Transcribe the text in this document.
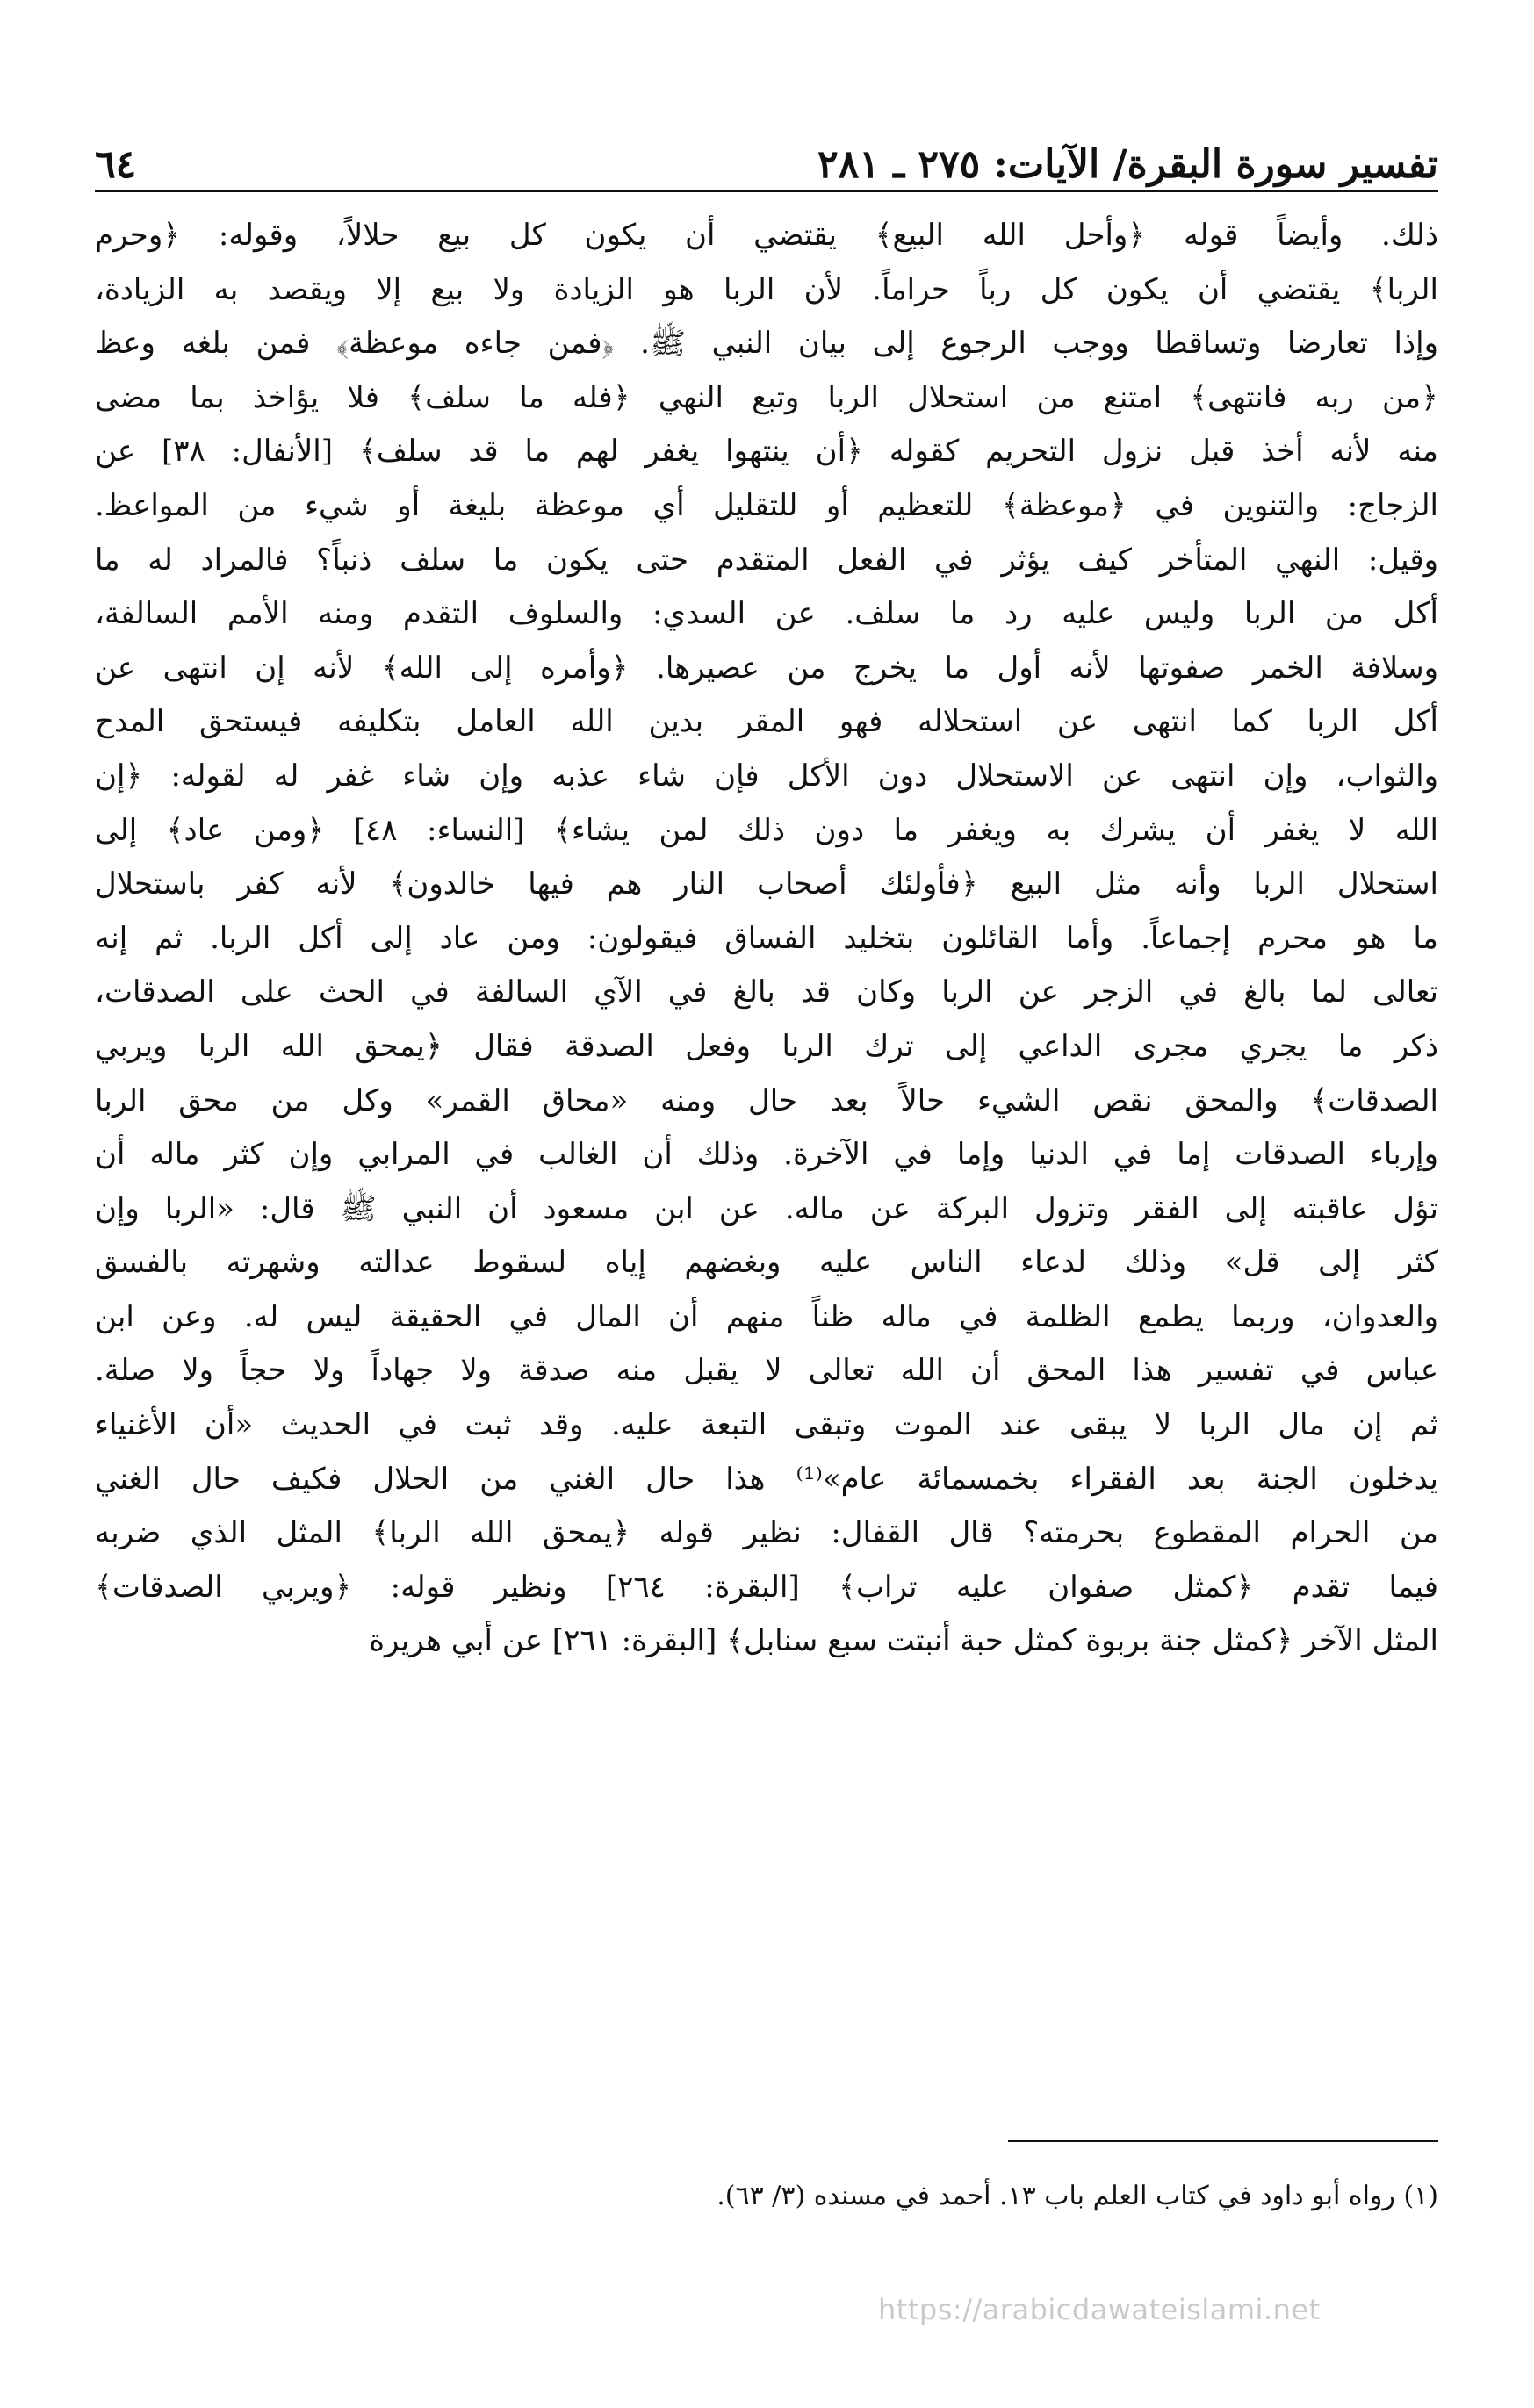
تفسير سورة البقرة/ الآيات: ٢٧٥ ـ ٢٨١
٦٤
ذلك. وأيضاً قوله ﴿وأحل الله البيع﴾ يقتضي أن يكون كل بيع حلالاً، وقوله: ﴿وحرم
الربا﴾ يقتضي أن يكون كل رباً حراماً. لأن الربا هو الزيادة ولا بيع إلا ويقصد به الزيادة،
وإذا تعارضا وتساقطا ووجب الرجوع إلى بيان النبي ﷺ. ﴿فمن جاءه موعظة﴾ فمن بلغه وعظ
﴿من ربه فانتهى﴾ امتنع من استحلال الربا وتبع النهي ﴿فله ما سلف﴾ فلا يؤاخذ بما مضى
منه لأنه أخذ قبل نزول التحريم كقوله ﴿أن ينتهوا يغفر لهم ما قد سلف﴾ [الأنفال: ٣٨] عن
الزجاج: والتنوين في ﴿موعظة﴾ للتعظيم أو للتقليل أي موعظة بليغة أو شيء من المواعظ.
وقيل: النهي المتأخر كيف يؤثر في الفعل المتقدم حتى يكون ما سلف ذنباً؟ فالمراد له ما
أكل من الربا وليس عليه رد ما سلف. عن السدي: والسلوف التقدم ومنه الأمم السالفة،
وسلافة الخمر صفوتها لأنه أول ما يخرج من عصيرها. ﴿وأمره إلى الله﴾ لأنه إن انتهى عن
أكل الربا كما انتهى عن استحلاله فهو المقر بدين الله العامل بتكليفه فيستحق المدح
والثواب، وإن انتهى عن الاستحلال دون الأكل فإن شاء عذبه وإن شاء غفر له لقوله: ﴿إن
الله لا يغفر أن يشرك به ويغفر ما دون ذلك لمن يشاء﴾ [النساء: ٤٨] ﴿ومن عاد﴾ إلى
استحلال الربا وأنه مثل البيع ﴿فأولئك أصحاب النار هم فيها خالدون﴾ لأنه كفر باستحلال
ما هو محرم إجماعاً. وأما القائلون بتخليد الفساق فيقولون: ومن عاد إلى أكل الربا. ثم إنه
تعالى لما بالغ في الزجر عن الربا وكان قد بالغ في الآي السالفة في الحث على الصدقات،
ذكر ما يجري مجرى الداعي إلى ترك الربا وفعل الصدقة فقال ﴿يمحق الله الربا ويربي
الصدقات﴾ والمحق نقص الشيء حالاً بعد حال ومنه «محاق القمر» وكل من محق الربا
وإرباء الصدقات إما في الدنيا وإما في الآخرة. وذلك أن الغالب في المرابي وإن كثر ماله أن
تؤل عاقبته إلى الفقر وتزول البركة عن ماله. عن ابن مسعود أن النبي ﷺ قال: «الربا وإن
كثر إلى قل» وذلك لدعاء الناس عليه وبغضهم إياه لسقوط عدالته وشهرته بالفسق
والعدوان، وربما يطمع الظلمة في ماله ظناً منهم أن المال في الحقيقة ليس له. وعن ابن
عباس في تفسير هذا المحق أن الله تعالى لا يقبل منه صدقة ولا جهاداً ولا حجاً ولا صلة.
ثم إن مال الربا لا يبقى عند الموت وتبقى التبعة عليه. وقد ثبت في الحديث «أن الأغنياء
يدخلون الجنة بعد الفقراء بخمسمائة عام»⁽¹⁾ هذا حال الغني من الحلال فكيف حال الغني
من الحرام المقطوع بحرمته؟ قال القفال: نظير قوله ﴿يمحق الله الربا﴾ المثل الذي ضربه
فيما تقدم ﴿كمثل صفوان عليه تراب﴾ [البقرة: ٢٦٤] ونظير قوله: ﴿ويربي الصدقات﴾
المثل الآخر ﴿كمثل جنة بربوة كمثل حبة أنبتت سبع سنابل﴾ [البقرة: ٢٦١] عن أبي هريرة
(١) رواه أبو داود في كتاب العلم باب ١٣. أحمد في مسنده (٣/ ٦٣).
https://arabicdawateislami.net
